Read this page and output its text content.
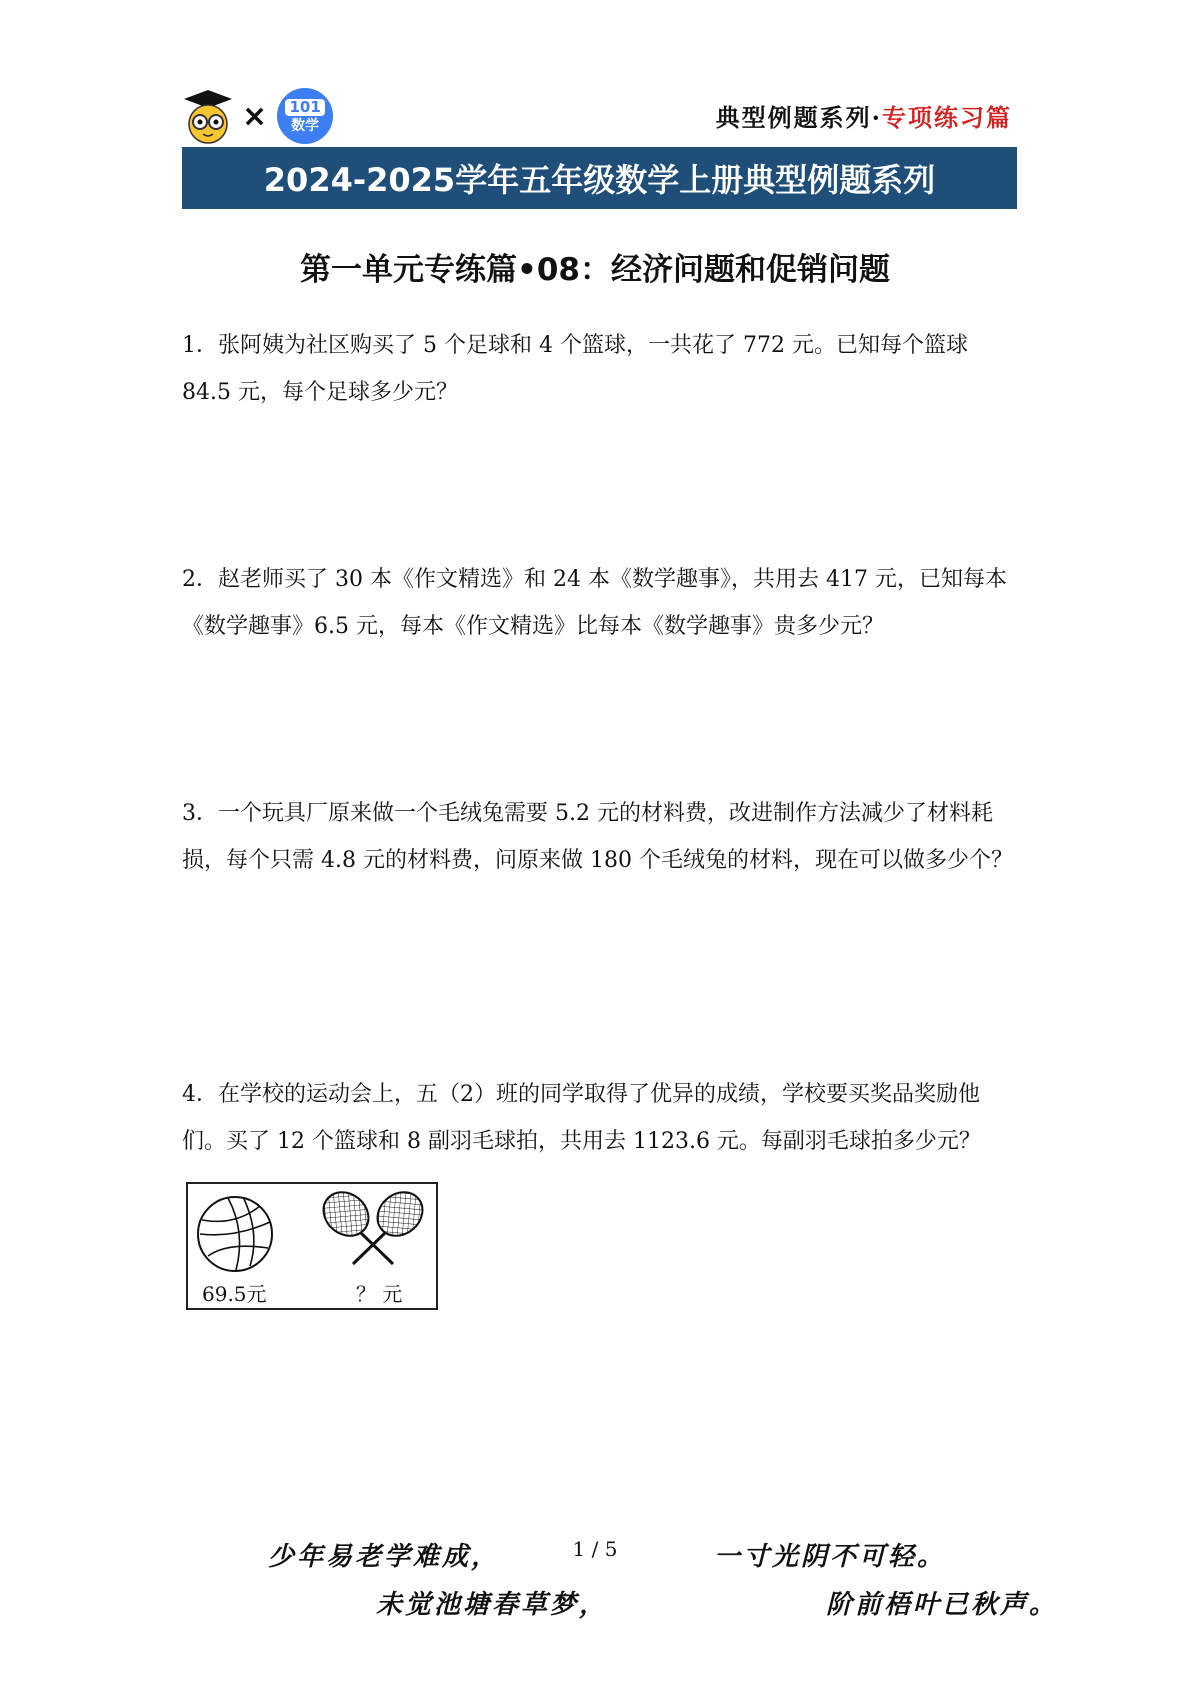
× 101
数学	典型例题系列·专项练习篇
2024-2025学年五年级数学上册典型例题系列
第一单元专练篇•08：经济问题和促销问题
1．张阿姨为社区购买了 5 个足球和 4 个篮球，一共花了 772 元。已知每个篮球 84.5 元，每个足球多少元？
2．赵老师买了 30 本《作文精选》和 24 本《数学趣事》，共用去 417 元，已知每本《数学趣事》6.5 元，每本《作文精选》比每本《数学趣事》贵多少元？
3．一个玩具厂原来做一个毛绒兔需要 5.2 元的材料费，改进制作方法减少了材料耗损，每个只需 4.8 元的材料费，问原来做 180 个毛绒兔的材料，现在可以做多少个？
4．在学校的运动会上，五（2）班的同学取得了优异的成绩，学校要买奖品奖励他们。买了 12 个篮球和 8 副羽毛球拍，共用去 1123.6 元。每副羽毛球拍多少元？
69.5元	？ 元
少年易老学难成，	1 / 5	一寸光阴不可轻。
未觉池塘春草梦，	阶前梧叶已秋声。
